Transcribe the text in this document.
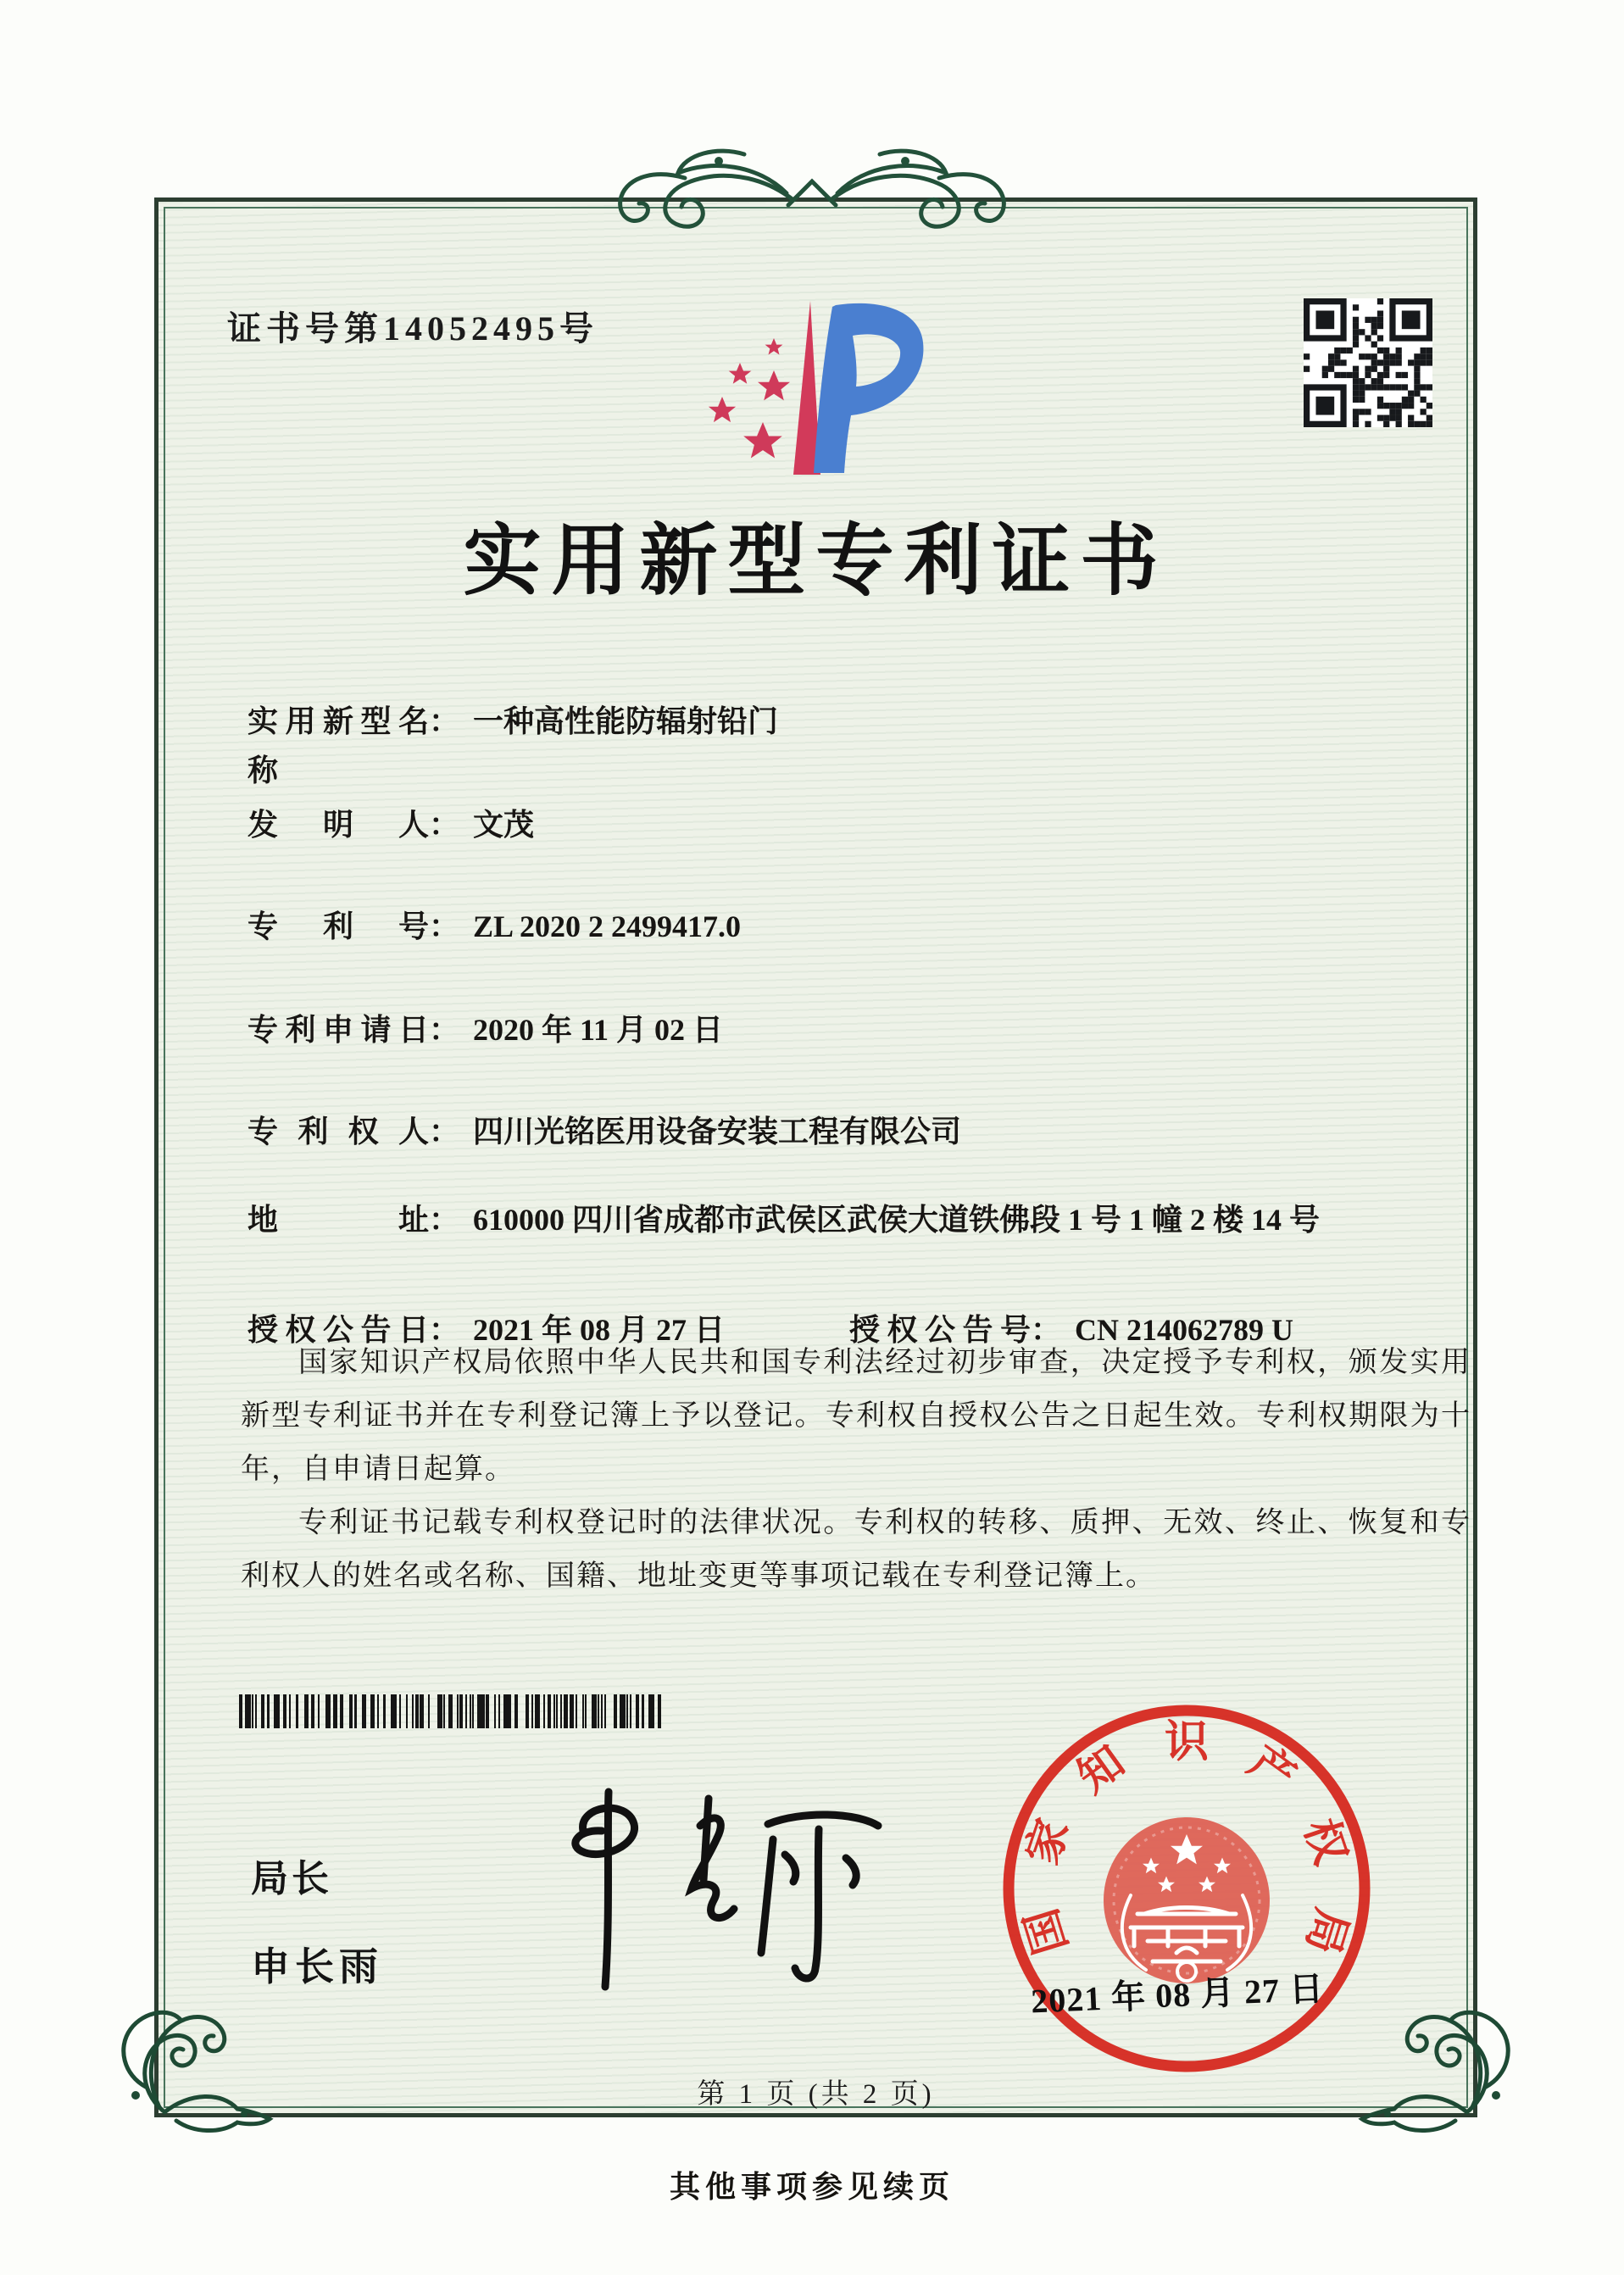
证书号第14052495号
实用新型专利证书
实用新型名称
： 一种高性能防辐射铅门
发明人 ： 文茂
专利号 ： ZL 2020 2 2499417.0
专利申请日 ： 2020 年 11 月 02 日
专利权人 ： 四川光铭医用设备安装工程有限公司
地址 ： 610000 四川省成都市武侯区武侯大道铁佛段 1 号 1 幢 2 楼 14 号
授权公告日 ： 2021 年 08 月 27 日	授权公告号 ： CN 214062789 U

国家知识产权局依照中华人民共和国专利法经过初步审查，决定授予专利权，颁发实用新型专利证书并在专利登记簿上予以登记。专利权自授权公告之日起生效。专利权期限为十年，自申请日起算。

专利证书记载专利权登记时的法律状况。专利权的转移、质押、无效、终止、恢复和专利权人的姓名或名称、国籍、地址变更等事项记载在专利登记簿上。

局长
申长雨
国
家
知 识 产
权
局
2021 年 08 月 27 日
第 1 页 (共 2 页)
其他事项参见续页
